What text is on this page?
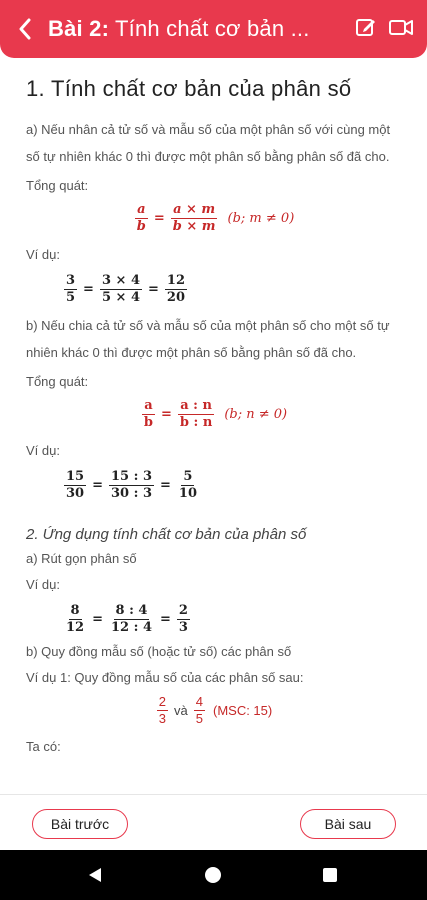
Bài 2: Tính chất cơ bản ...
1. Tính chất cơ bản của phân số
a) Nếu nhân cả tử số và mẫu số của một phân số với cùng một số tự nhiên khác 0 thì được một phân số bằng phân số đã cho.
Tổng quát:
$\frac{a}{b} = \frac{a \times m}{b \times m} (b$; m ≠ 0)
Ví dụ:
$\frac{3}{5} = \frac{3 \times 4}{5 \times 4} = \frac{12}{20}$
b) Nếu chia cả tử số và mẫu số của một phân số cho một số tự nhiên khác 0 thì được một phân số bằng phân số đã cho.
Tổng quát:
$\frac{a}{b} = \frac{a : n}{b : n} (b$; n ≠ 0)
Ví dụ:
$\frac{15}{30} = \frac{15 : 3}{30 : 3} = \frac{5}{10}$
2. Ứng dụng tính chất cơ bản của phân số
a) Rút gọn phân số
Ví dụ:
$\frac{8}{12} = \frac{8 : 4}{12 : 4} = \frac{2}{3}$
b) Quy đồng mẫu số (hoặc tử số) các phân số
Ví dụ 1: Quy đồng mẫu số của các phân số sau:
$\frac{2}{3}$ và $\frac{4}{5} (MSC$: 15)
Ta có:
Bài trước	Bài sau
